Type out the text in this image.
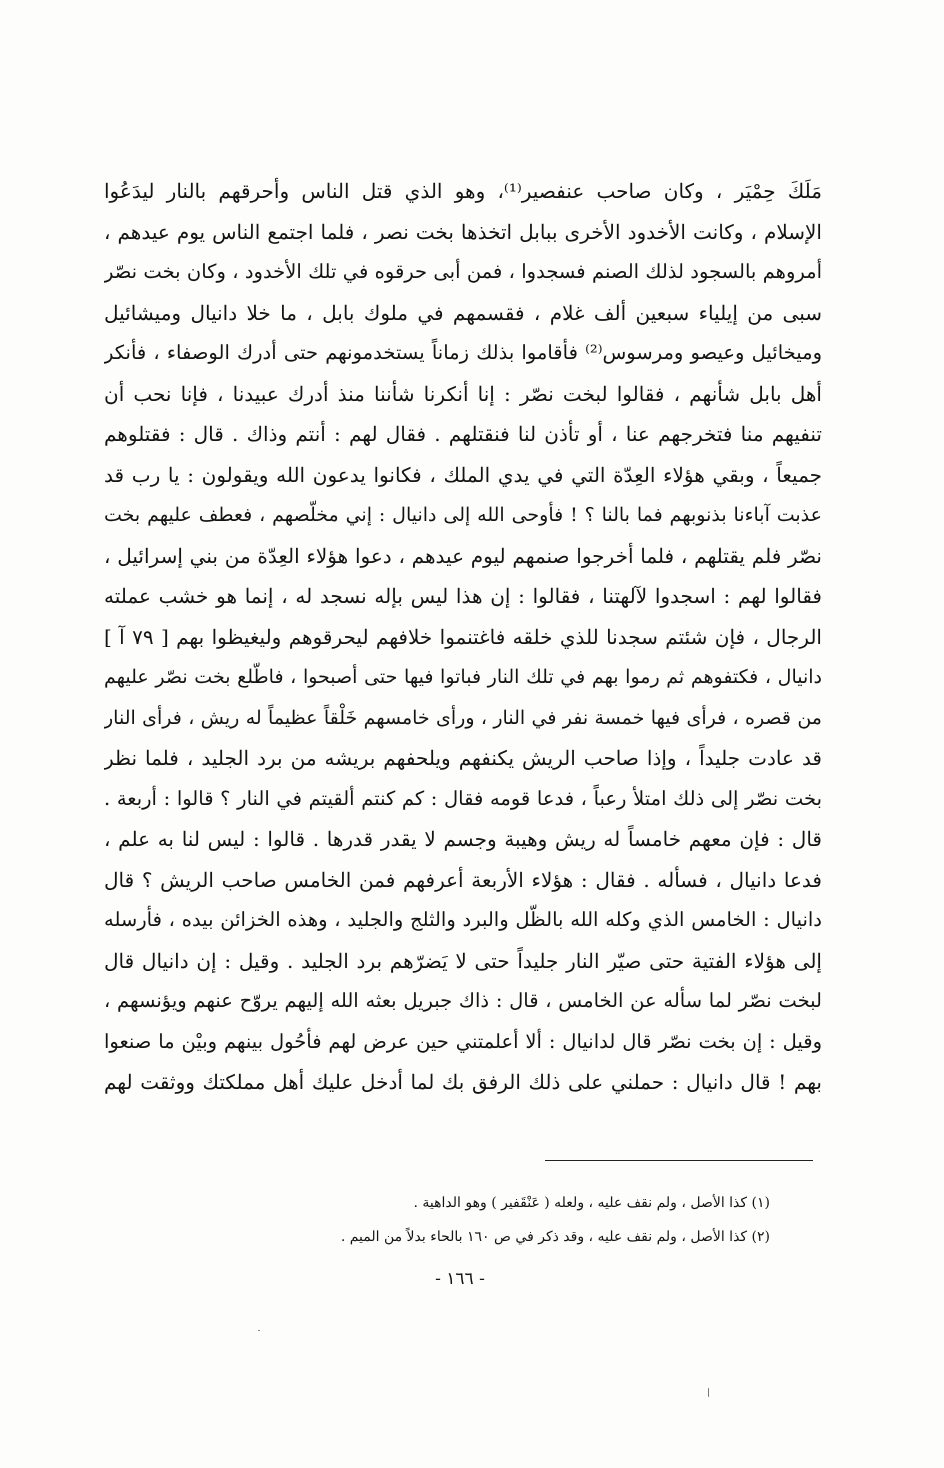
مَلَكَ حِمْيَر ، وكان صاحب عنفصير⁽¹⁾، وهو الذي قتل الناس وأحرقهم بالنار ليدَعُوا
الإسلام ، وكانت الأخدود الأخرى ببابل اتخذها بخت نصر ، فلما اجتمع الناس يوم عيدهم ،
أمروهم بالسجود لذلك الصنم فسجدوا ، فمن أبى حرقوه في تلك الأخدود ، وكان بخت نصّر
سبى من إيلياء سبعين ألف غلام ، فقسمهم في ملوك بابل ، ما خلا دانيال وميشائيل
وميخائيل وعيصو ومرسوس⁽²⁾ فأقاموا بذلك زماناً يستخدمونهم حتى أدرك الوصفاء ، فأنكر
أهل بابل شأنهم ، فقالوا لبخت نصّر : إنا أنكرنا شأننا منذ أدرك عبيدنا ، فإنا نحب أن
تنفيهم منا فتخرجهم عنا ، أو تأذن لنا فنقتلهم . فقال لهم : أنتم وذاك . قال : فقتلوهم
جميعاً ، وبقي هؤلاء العِدّة التي في يدي الملك ، فكانوا يدعون الله ويقولون : يا رب قد
عذبت آباءنا بذنوبهم فما بالنا ؟ ! فأوحى الله إلى دانيال : إني مخلّصهم ، فعطف عليهم بخت
نصّر فلم يقتلهم ، فلما أخرجوا صنمهم ليوم عيدهم ، دعوا هؤلاء العِدّة من بني إسرائيل ،
فقالوا لهم : اسجدوا لآلهتنا ، فقالوا : إن هذا ليس بإله نسجد له ، إنما هو خشب عملته
الرجال ، فإن شئتم سجدنا للذي خلقه فاغتنموا خلافهم ليحرقوهم وليغيظوا بهم [ ٧٩ آ ]
دانيال ، فكتفوهم ثم رموا بهم في تلك النار فباتوا فيها حتى أصبحوا ، فاطّلع بخت نصّر عليهم
من قصره ، فرأى فيها خمسة نفر في النار ، ورأى خامسهم خَلْقاً عظيماً له ريش ، فرأى النار
قد عادت جليداً ، وإذا صاحب الريش يكنفهم ويلحفهم بريشه من برد الجليد ، فلما نظر
بخت نصّر إلى ذلك امتلأ رعباً ، فدعا قومه فقال : كم كنتم ألقيتم في النار ؟ قالوا : أربعة .
قال : فإن معهم خامساً له ريش وهيبة وجسم لا يقدر قدرها . قالوا : ليس لنا به علم ،
فدعا دانيال ، فسأله . فقال : هؤلاء الأربعة أعرفهم فمن الخامس صاحب الريش ؟ قال
دانيال : الخامس الذي وكله الله بالظّل والبرد والثلج والجليد ، وهذه الخزائن بيده ، فأرسله
إلى هؤلاء الفتية حتى صيّر النار جليداً حتى لا يَضرّهم برد الجليد . وقيل : إن دانيال قال
لبخت نصّر لما سأله عن الخامس ، قال : ذاك جبريل بعثه الله إليهم يروّح عنهم ويؤنسهم ،
وقيل : إن بخت نصّر قال لدانيال : ألا أعلمتني حين عرض لهم فأحُول بينهم وبيْن ما صنعوا
بهم ! قال دانيال : حملني على ذلك الرفق بك لما أدخل عليك أهل مملكتك ووثقت لهم
(١) كذا الأصل ، ولم نقف عليه ، ولعله ( عَنْقَفير ) وهو الداهية .
(٢) كذا الأصل ، ولم نقف عليه ، وقد ذكر في ص ١٦٠ بالحاء بدلاً من الميم .
- ١٦٦ -
